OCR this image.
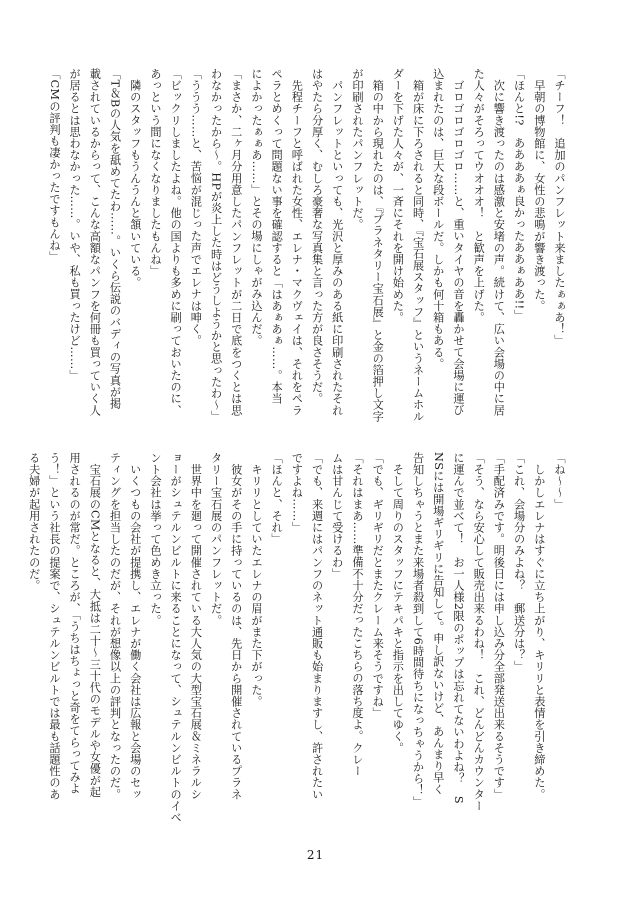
「チーフ！　追加のパンフレット来ましたぁぁあ！」
　早朝の博物館に、女性の悲鳴が響き渡った。
「ほんと!?　ああああぁ良かったああぁああ!!」
　次に響き渡ったのは感激と安堵の声。続けて、広い会場の中に居
た人々がそろってウオオオ！　と歓声を上げた。
　ゴロゴロゴロゴロ……と、重いタイヤの音を轟かせて会場に運び
込まれたのは、巨大な段ボールだ。しかも何十箱もある。
　箱が床に下ろされると同時、『宝石展スタッフ』というネームホル
ダーを下げた人々が、一斉にそれを開け始めた。
　箱の中から現れたのは、『プラネタリー宝石展』と金の箔押し文字
が印刷されたパンフレットだ。
　パンフレットといっても、光沢と厚みのある紙に印刷されたそれ
はやたら分厚く、むしろ豪奢な写真集と言った方が良さそうだ。
　先程チーフと呼ばれた女性、エレナ・マクヴェイは、それをペラ
ペラとめくって問題ない事を確認すると「はあぁあぁ……。本当
によかったぁぁあ……」とその場にしゃがみ込んだ。
「まさか、二ヶ月分用意したパンフレットが二日で底をつくとは思
わなかったから〜。HPが炎上した時はどうしようかと思ったわ〜」
「ううう……と、苦悩が混じった声でエレナは呻く。
「ビックリしましたよね。他の国よりも多めに刷っておいたのに、
あっという間になくなりましたもんね」
　隣のスタッフもうんうんと頷いている。
「T＆Bの人気を舐めてたわ……。いくら伝説のバディの写真が掲
載されているからって、こんな高額なパンフを何冊も買っていく人
が居るとは思わなかった……。いや、私も買ったけど……」
「CMの評判も凄かったですもんね」
「ね〜〜」
　しかしエレナはすぐに立ち上がり、キリリと表情を引き締めた。
「これ、会場分のみよね？　郵送分は？」
「手配済みです。明後日には申し込み分全部発送出来るそうです」
「そう、なら安心して販売出来るわね！　これ、どんどんカウンター
に運んで並べて！　お一人様2限のポップは忘れてないわよね？　S
NSには開場ギリギリに告知して。申し訳ないけど、あんまり早く
告知しちゃうとまた来場者殺到して6時間待ちになっちゃうから！」
　そして周りのスタッフにテキパキと指示を出してゆく。
「でも、ギリギリだとまたクレーム来そうですね」
「それはまあ……準備不十分だったこちらの落ち度よ。クレー
ムは甘んじて受けるわ」
「でも、来週にはパンフのネット通販も始まりますし、許されたい
ですよね……」
「ほんと、それ」
　キリリとしていたエレナの眉がまた下がった。
　彼女がその手に持っているのは、先日から開催されているプラネ
タリー宝石展のパンフレットだ。
　世界中を廻って開催されている大人気の大型宝石展＆ミネラルシ
ョーがシュテルンビルトに来ることになって、シュテルンビルトのイベ
ント会社は挙って色めき立った。
　いくつもの会社が提携し、エレナが働く会社は広報と会場のセッ
ティングを担当したのだが、それが想像以上の評判となったのだ。
　宝石展のCMとなると、大抵は二十〜三十代のモデルや女優が起
用されるのが常だ。ところが、「うちはちょっと奇をてらってみよ
う！」という社長の提案で、シュテルンビルトでは最も話題性のあ
る夫婦が起用されたのだ。
21
